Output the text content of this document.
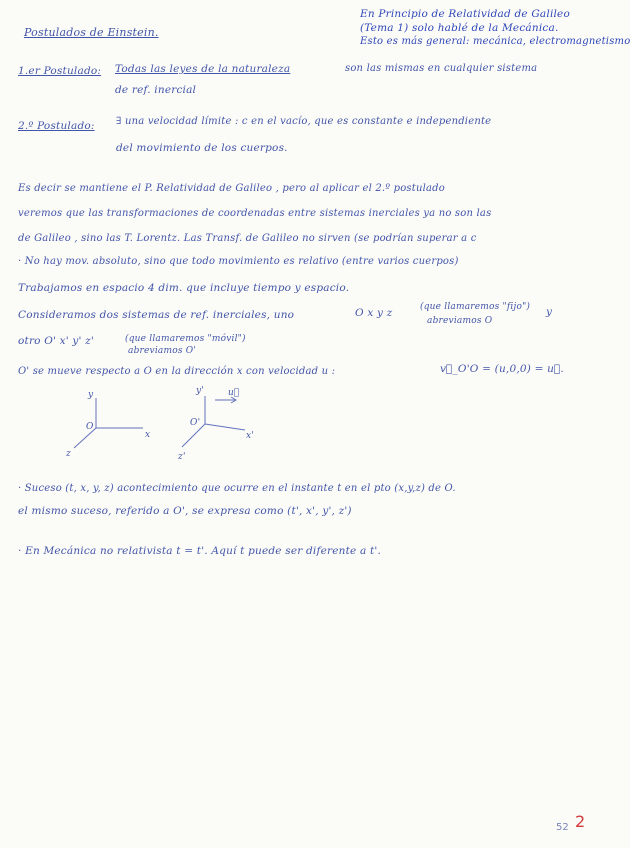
Postulados de Einstein.
En Principio de Relatividad de Galileo
(Tema 1) solo hablé de la Mecánica.
Esto es más general: mecánica, electromagnetismo
1.er Postulado: Todas las leyes de la naturaleza	son las mismas en cualquier sistema
de ref. inercial
2.º Postulado: ∃ una velocidad límite : c en el vacío, que es constante e independiente
del movimiento de los cuerpos.
Es decir se mantiene el P. Relatividad de Galileo , pero al aplicar el 2.º postulado
veremos que las transformaciones de coordenadas entre sistemas inerciales ya no son las
de Galileo , sino las T. Lorentz. Las Transf. de Galileo no sirven (se podrían superar a c
· No hay mov. absoluto, sino que todo movimiento es relativo (entre varios cuerpos)
Trabajamos en espacio 4 dim. que incluye tiempo y espacio.
Consideramos dos sistemas de ref. inerciales, uno	O x y z	(que llamaremos "fijo")
abreviamos O
y
otro O' x' y' z'	(que llamaremos "móvil")
abreviamos O'
O' se mueve respecto a O en la dirección x con velocidad u :	v⃗_O'O = (u,0,0) = u⃗.
y
O
x
z
y'
O'
x'
z'
u⃗
· Suceso (t, x, y, z) acontecimiento que ocurre en el instante t en el pto (x,y,z) de O.
el mismo suceso, referido a O', se expresa como (t', x', y', z')
· En Mecánica no relativista t = t'. Aquí t puede ser diferente a t'.
52 2
